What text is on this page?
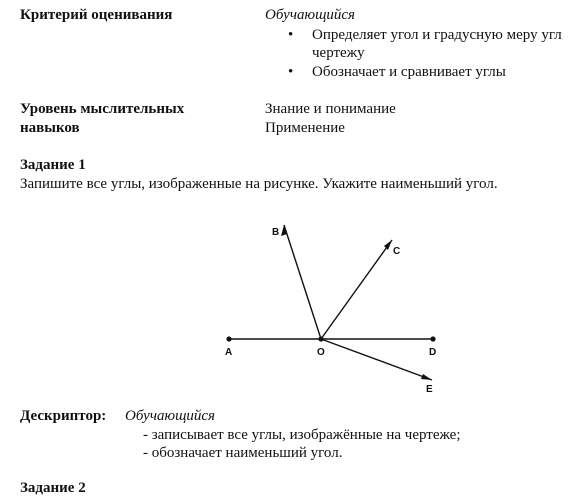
Критерий оценивания	Обучающийся
• Определяет угол и градусную меру угл
чертежу
• Обозначает и сравнивает углы
Уровень мыслительных
навыков
Знание и понимание
Применение
Задание 1
Запишите все углы, изображенные на рисунке. Укажите наименьший угол.
A
B
C
D
E
O
Дескриптор: Обучающийся
- записывает все углы, изображённые на чертеже;
- обозначает наименьший угол.
Задание 2
